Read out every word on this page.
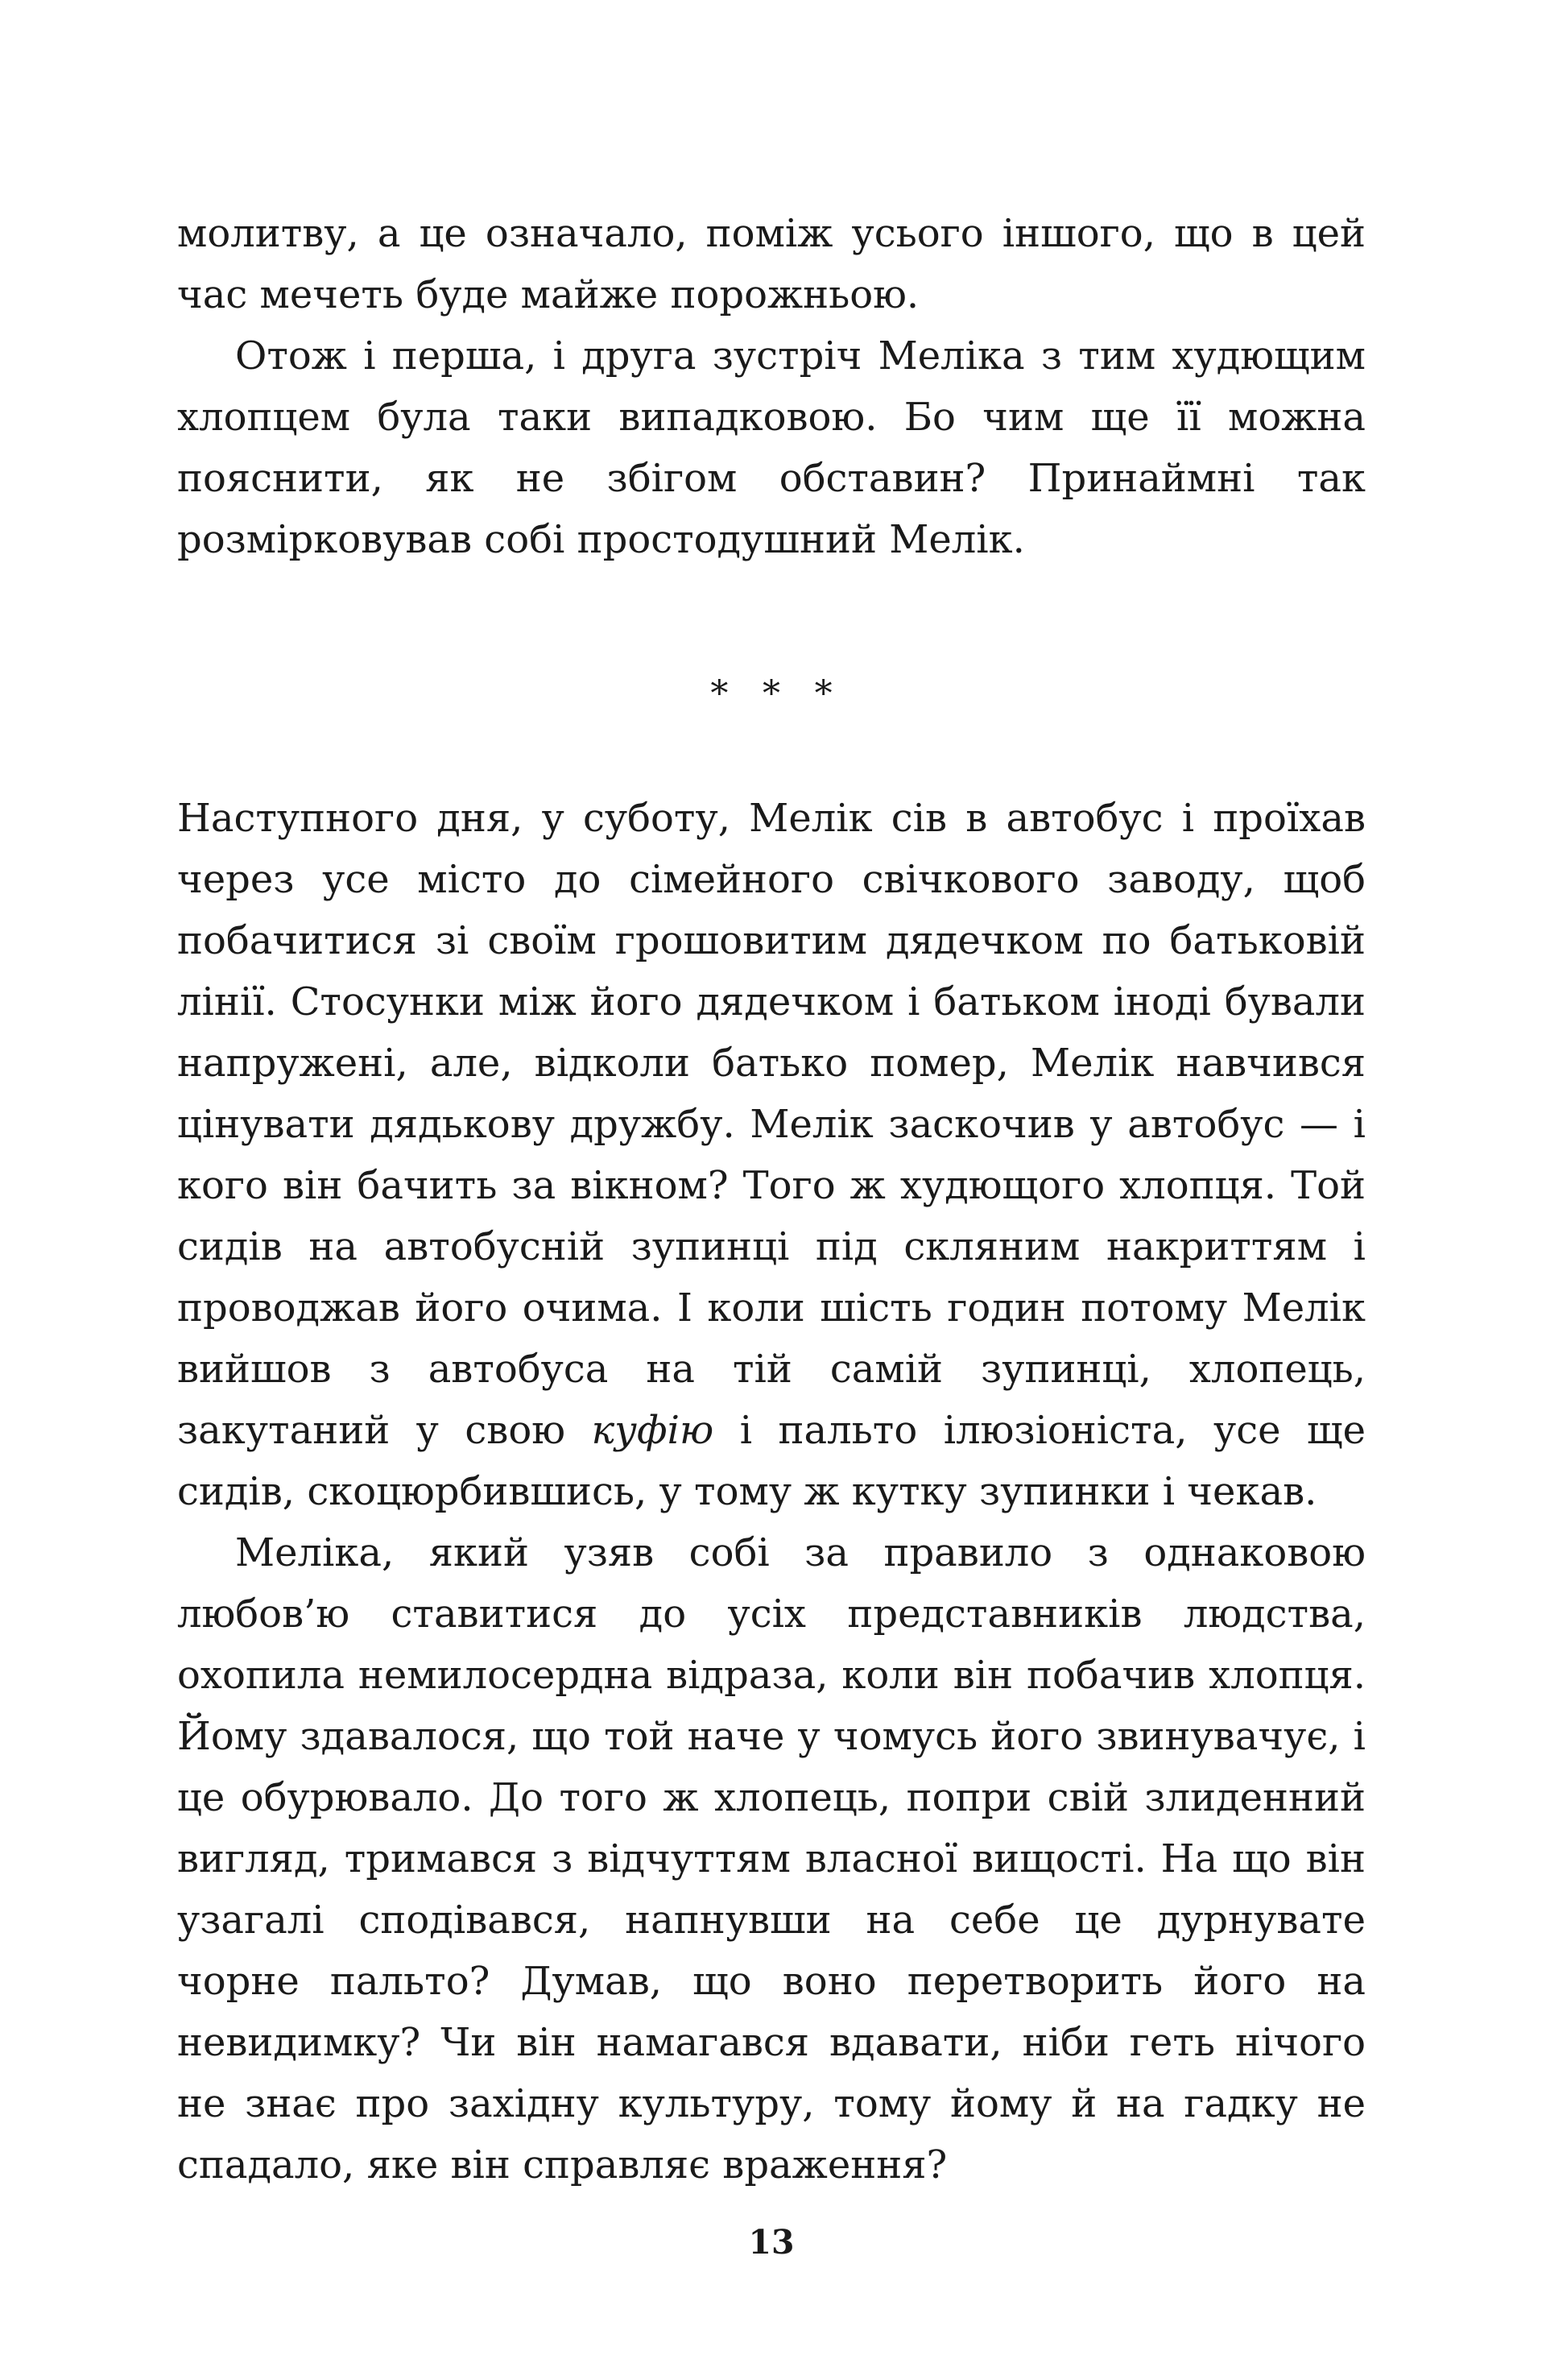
молитву, а це означало, поміж усього іншого, що в цей час мечеть буде майже порожньою.

Отож і перша, і друга зустріч Меліка з тим худющим хлопцем була таки випадковою. Бо чим ще її можна пояснити, як не збігом обставин? Принаймні так розмірковував собі простодушний Мелік.

* * *

Наступного дня, у суботу, Мелік сів в автобус і проїхав через усе місто до сімейного свічкового заводу, щоб побачитися зі своїм грошовитим дядечком по батьковій лінії. Стосунки між його дядечком і батьком іноді бували напружені, але, відколи батько помер, Мелік навчився цінувати дядькову дружбу. Мелік заскочив у автобус — і кого він бачить за вікном? Того ж худющого хлопця. Той сидів на автобусній зупинці під скляним накриттям і проводжав його очима. І коли шість годин потому Мелік вийшов з автобуса на тій самій зупинці, хлопець, закутаний у свою куфію і пальто ілюзіоніста, усе ще сидів, скоцюрбившись, у тому ж кутку зупинки і чекав.

Меліка, який узяв собі за правило з однаковою любов’ю ставитися до усіх представників людства, охопила немилосердна відраза, коли він побачив хлопця. Йому здавалося, що той наче у чомусь його звинувачує, і це обурювало. До того ж хлопець, попри свій злиденний вигляд, тримався з відчуттям власної вищості. На що він узагалі сподівався, напнувши на себе це дурнувате чорне пальто? Думав, що воно перетворить його на невидимку? Чи він намагався вдавати, ніби геть нічого не знає про західну культуру, тому йому й на гадку не спадало, яке він справляє враження?

13
